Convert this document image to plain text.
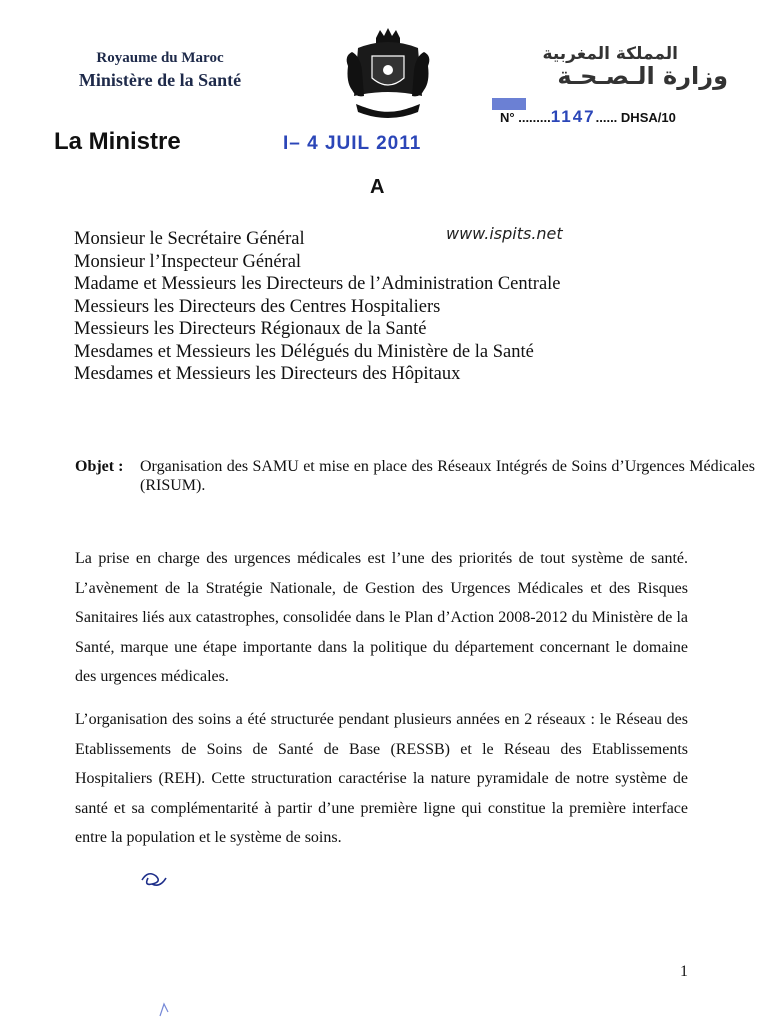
Royaume du Maroc
Ministère de la Santé
المملكة المغربية
وزارة الـصـحـة
N° .........1147...... DHSA/10
La Ministre	I– 4 JUIL 2011
A
www.ispits.net
Monsieur le Secrétaire Général
Monsieur l’Inspecteur Général
Madame et Messieurs les Directeurs de l’Administration Centrale
Messieurs les Directeurs des Centres Hospitaliers
Messieurs les Directeurs Régionaux de la Santé
Mesdames et Messieurs les Délégués du Ministère de la Santé
Mesdames et Messieurs les Directeurs des Hôpitaux
Objet : Organisation des SAMU et mise en place des Réseaux Intégrés de Soins d’Urgences Médicales (RISUM).
La prise en charge des urgences médicales est l’une des priorités de tout système de santé. L’avènement de la Stratégie Nationale, de Gestion des Urgences Médicales et des Risques Sanitaires liés aux catastrophes, consolidée dans le Plan d’Action 2008-2012 du Ministère de la Santé, marque une étape importante dans la politique du département concernant le domaine des urgences médicales.
L’organisation des soins a été structurée pendant plusieurs années en 2 réseaux : le Réseau des Etablissements de Soins de Santé de Base (RESSB) et le Réseau des Etablissements Hospitaliers (REH). Cette structuration caractérise la nature pyramidale de notre système de santé et sa complémentarité à partir d’une première ligne qui constitue la première interface entre la population et le système de soins.
1
